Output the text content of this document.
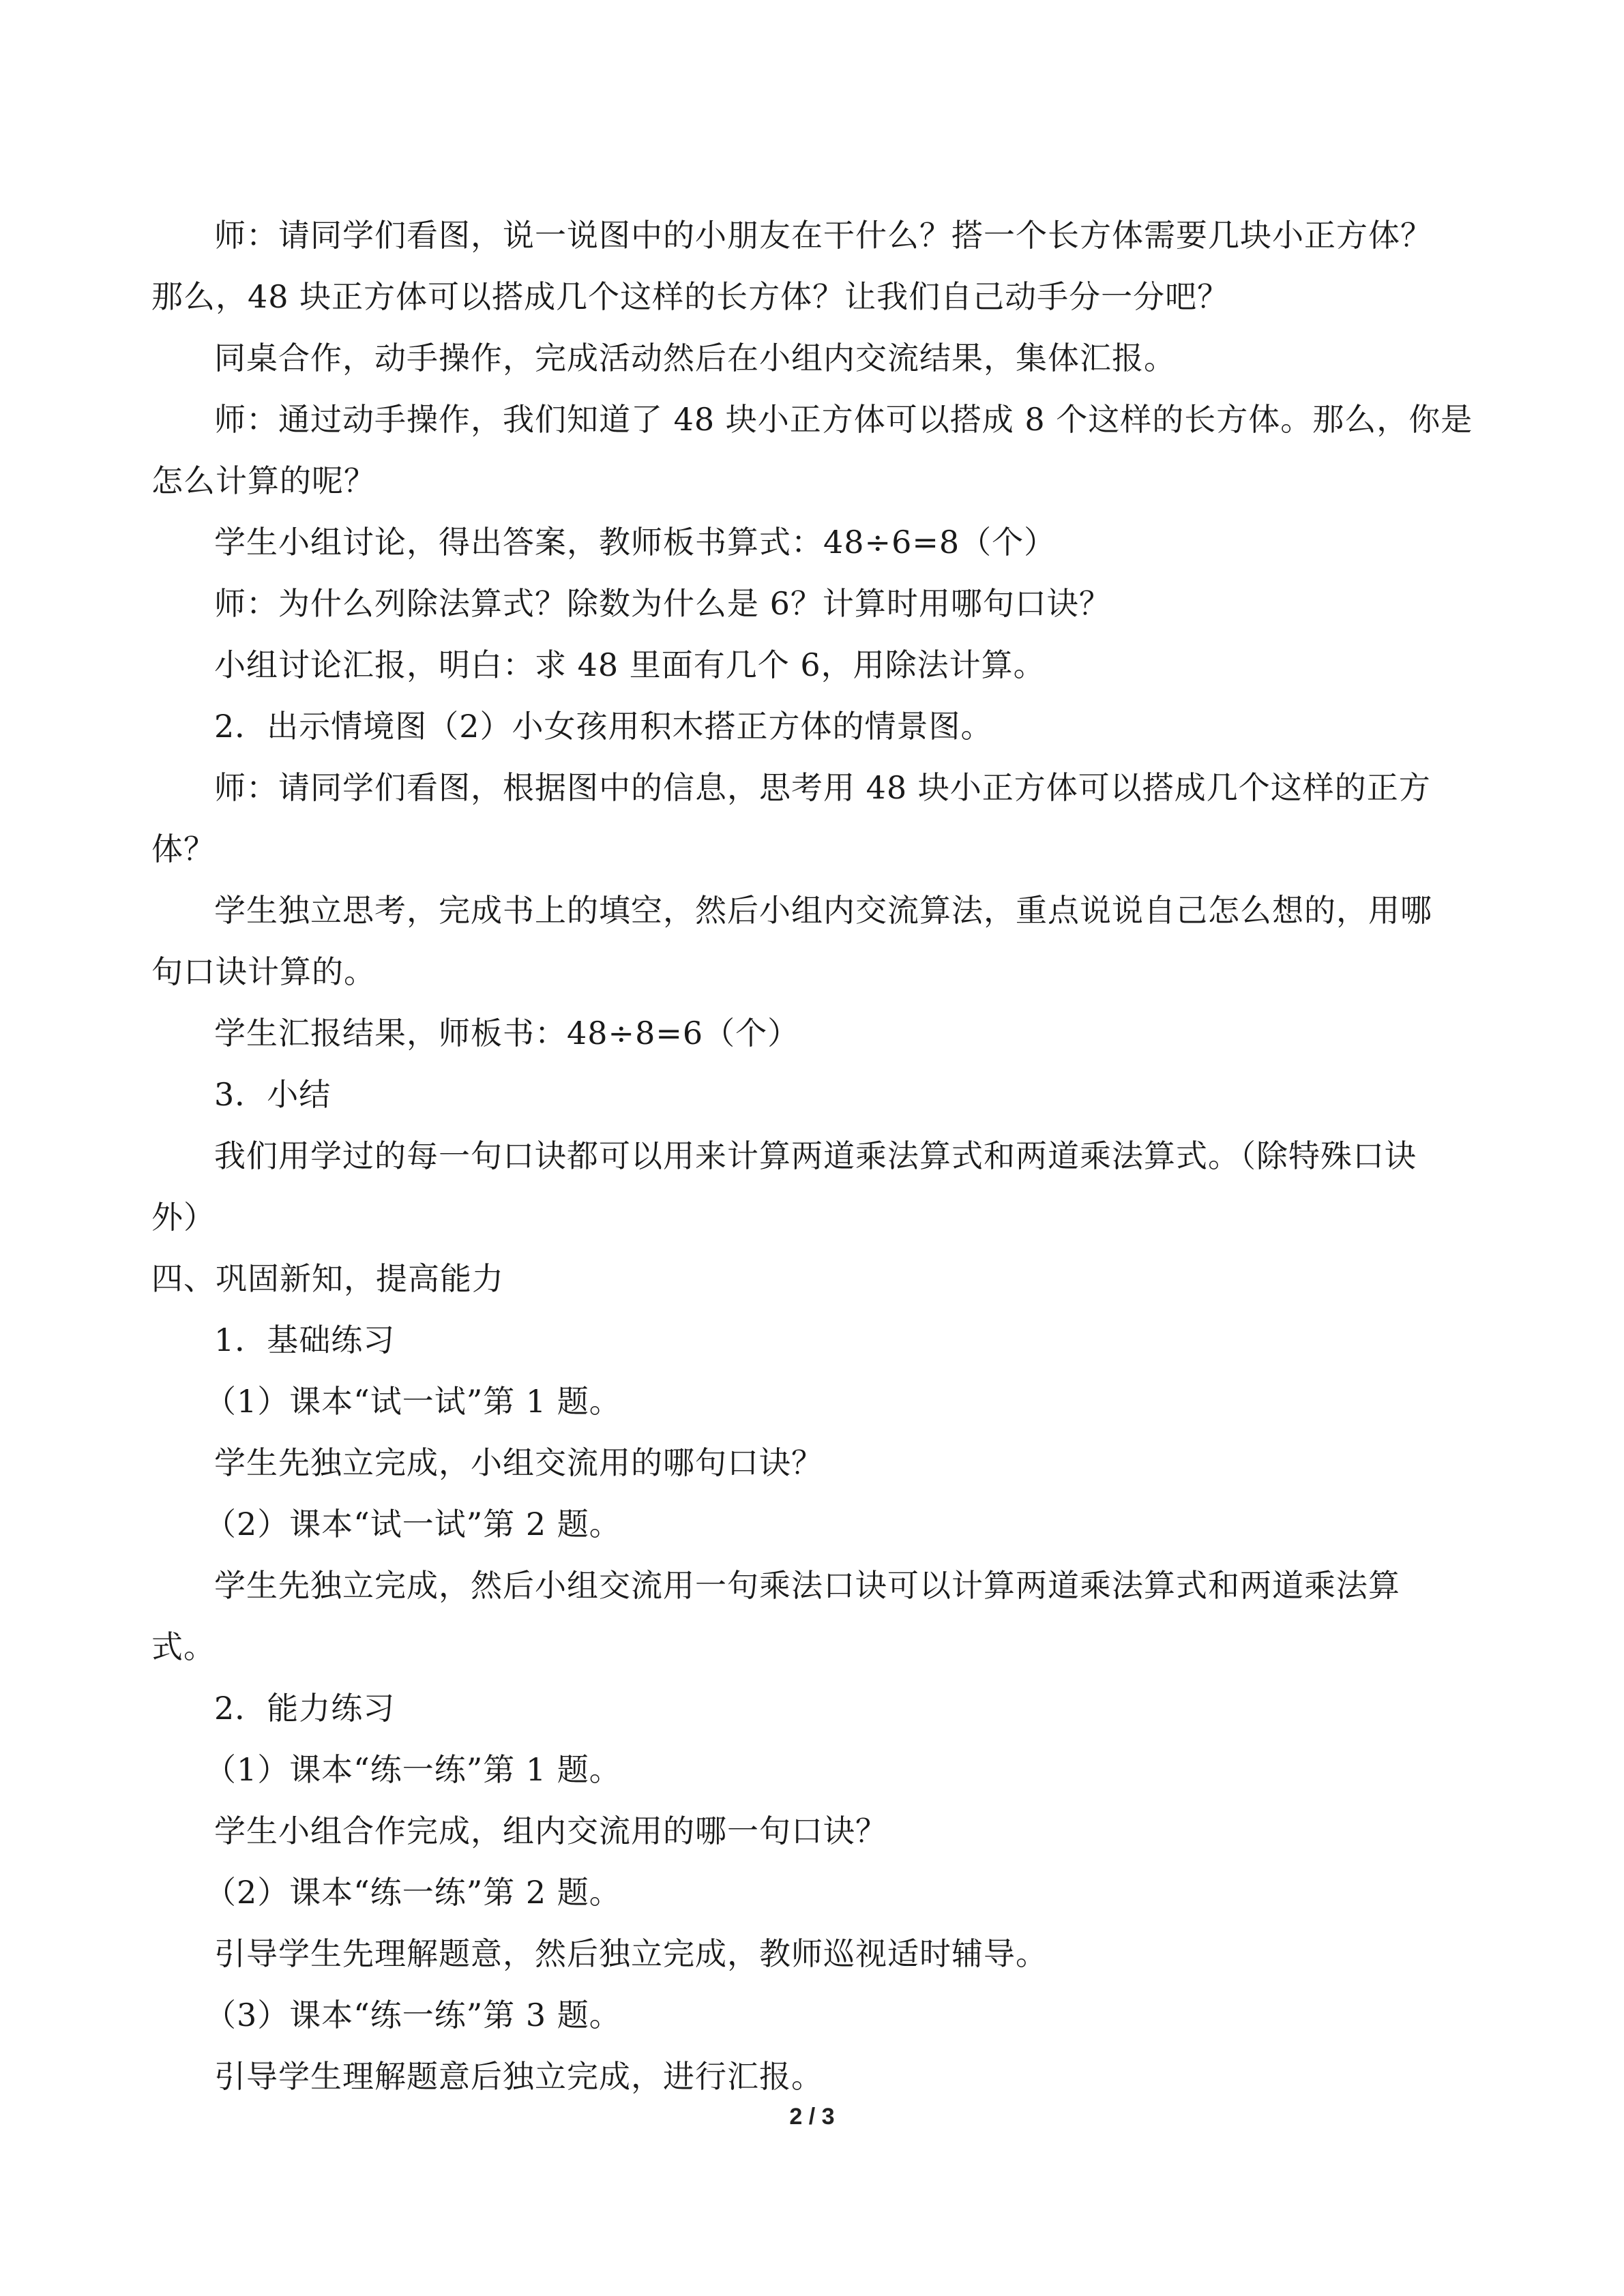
师：请同学们看图，说一说图中的小朋友在干什么？搭一个长方体需要几块小正方体？
那么，48 块正方体可以搭成几个这样的长方体？让我们自己动手分一分吧？
同桌合作，动手操作，完成活动然后在小组内交流结果，集体汇报。
师：通过动手操作，我们知道了 48 块小正方体可以搭成 8 个这样的长方体。那么，你是
怎么计算的呢？
学生小组讨论，得出答案，教师板书算式：48÷6=8（个）
师：为什么列除法算式？除数为什么是 6？计算时用哪句口诀？
小组讨论汇报，明白：求 48 里面有几个 6，用除法计算。
2．出示情境图（2）小女孩用积木搭正方体的情景图。
师：请同学们看图，根据图中的信息，思考用 48 块小正方体可以搭成几个这样的正方
体？
学生独立思考，完成书上的填空，然后小组内交流算法，重点说说自己怎么想的，用哪
句口诀计算的。
学生汇报结果，师板书：48÷8=6（个）
3．小结
我们用学过的每一句口诀都可以用来计算两道乘法算式和两道乘法算式。（除特殊口诀
外）
四、巩固新知，提高能力
1．基础练习
（1）课本“试一试”第 1 题。
学生先独立完成，小组交流用的哪句口诀？
（2）课本“试一试”第 2 题。
学生先独立完成，然后小组交流用一句乘法口诀可以计算两道乘法算式和两道乘法算
式。
2．能力练习
（1）课本“练一练”第 1 题。
学生小组合作完成，组内交流用的哪一句口诀？
（2）课本“练一练”第 2 题。
引导学生先理解题意，然后独立完成，教师巡视适时辅导。
（3）课本“练一练”第 3 题。
引导学生理解题意后独立完成，进行汇报。
2 / 3
